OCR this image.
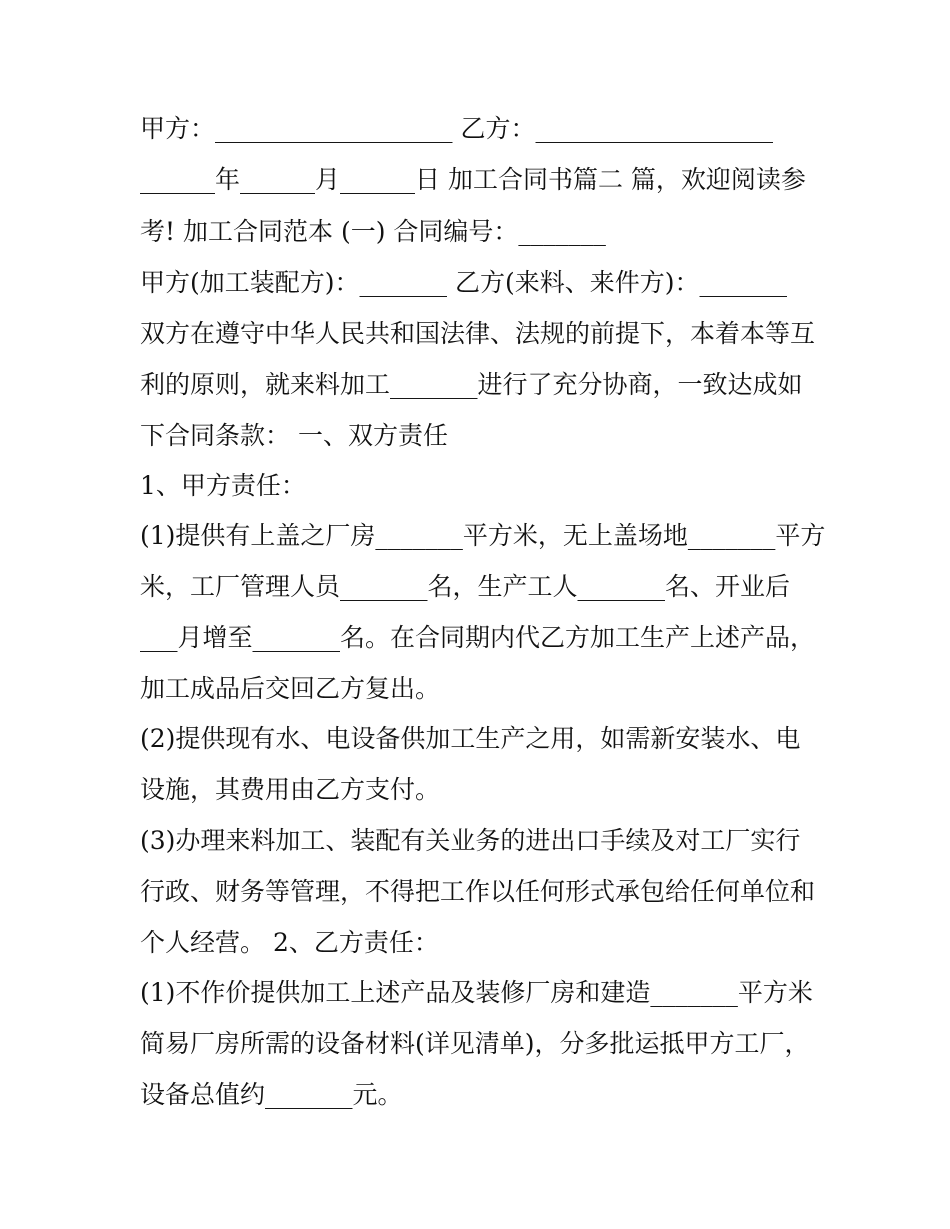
甲方：___________________ 乙方：___________________
______年______月______日 加工合同书篇二 篇，欢迎阅读参
考! 加工合同范本 (一) 合同编号：_______
甲方(加工装配方)：_______ 乙方(来料、来件方)：_______
双方在遵守中华人民共和国法律、法规的前提下，本着本等互
利的原则，就来料加工_______进行了充分协商，一致达成如
下合同条款： 一、双方责任
1、甲方责任：
(1)提供有上盖之厂房_______平方米，无上盖场地_______平方
米，工厂管理人员_______名，生产工人_______名、开业后
___月增至_______名。在合同期内代乙方加工生产上述产品，
加工成品后交回乙方复出。
(2)提供现有水、电设备供加工生产之用，如需新安装水、电
设施，其费用由乙方支付。
(3)办理来料加工、装配有关业务的进出口手续及对工厂实行
行政、财务等管理，不得把工作以任何形式承包给任何单位和
个人经营。 2、乙方责任：
(1)不作价提供加工上述产品及装修厂房和建造_______平方米
简易厂房所需的设备材料(详见清单)，分多批运抵甲方工厂，
设备总值约_______元。
